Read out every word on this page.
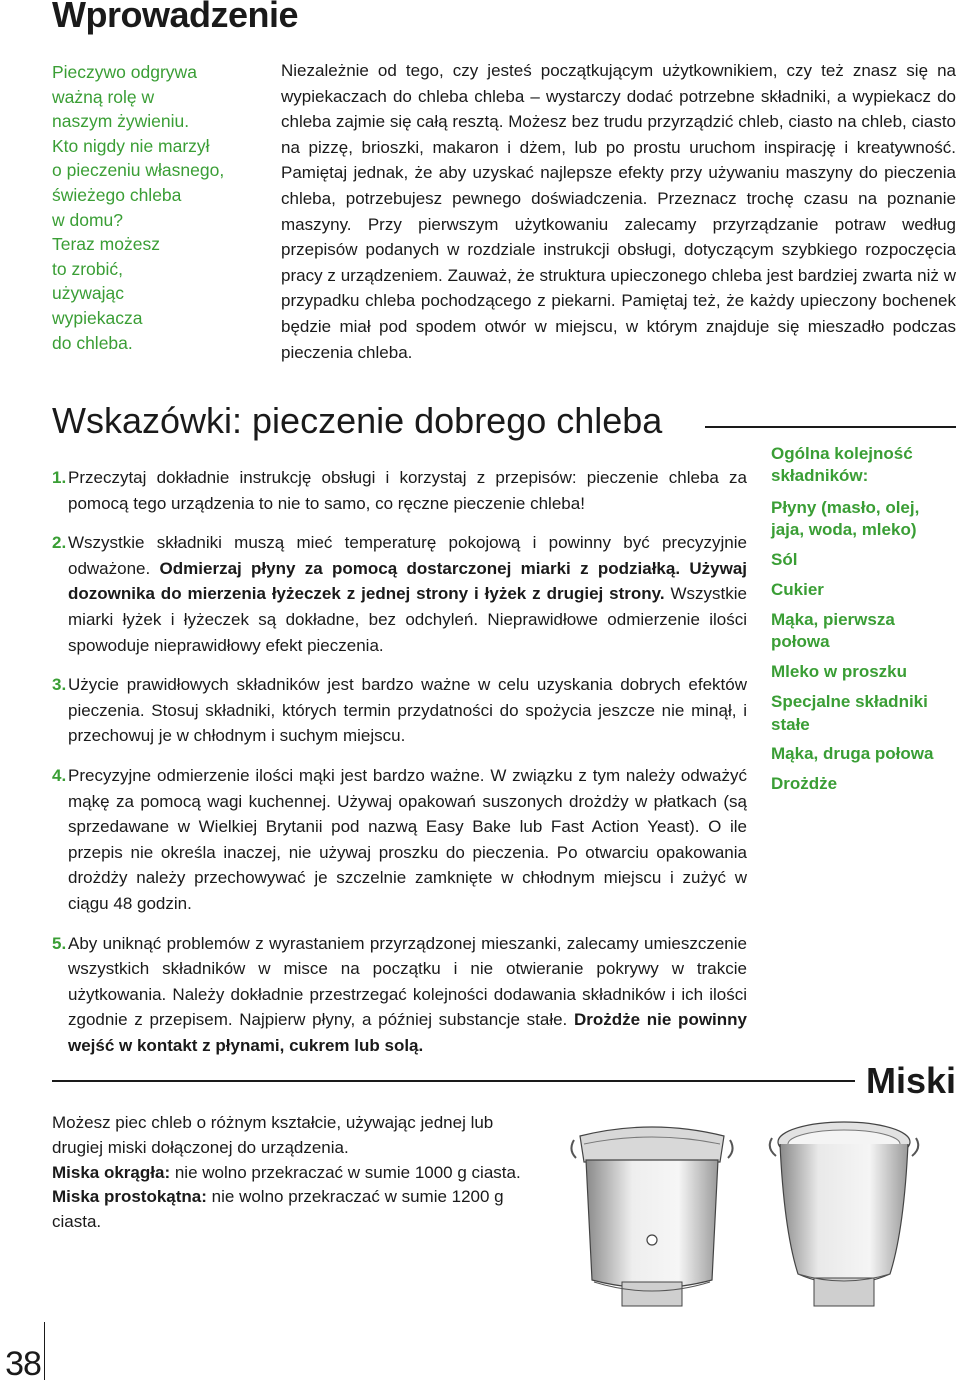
Wprowadzenie
Pieczywo odgrywa
ważną rolę w
naszym żywieniu.
Kto nigdy nie marzył
o pieczeniu własnego,
świeżego chleba
w domu?
Teraz możesz
to zrobić,
używając
wypiekacza
do chleba.
Niezależnie od tego, czy jesteś początkującym użytkownikiem, czy też znasz się na wypiekaczach do chleba chleba – wystarczy dodać potrzebne składniki, a wypiekacz do chleba zajmie się całą resztą. Możesz bez trudu przyrządzić chleb, ciasto na chleb, ciasto na pizzę, brioszki, makaron i dżem, lub po prostu uruchom inspirację i kreatywność. Pamiętaj jednak, że aby uzyskać najlepsze efekty przy używaniu maszyny do pieczenia chleba, potrzebujesz pewnego doświadczenia. Przeznacz trochę czasu na poznanie maszyny. Przy pierwszym użytkowaniu zalecamy przyrządzanie potraw według przepisów podanych w rozdziale instrukcji obsługi, dotyczącym szybkiego rozpoczęcia pracy z urządzeniem. Zauważ, że struktura upieczonego chleba jest bardziej zwarta niż w przypadku chleba pochodzącego z piekarni. Pamiętaj też, że każdy upieczony bochenek będzie miał pod spodem otwór w miejscu, w którym znajduje się mieszadło podczas pieczenia chleba.
Wskazówki: pieczenie dobrego chleba
1. Przeczytaj dokładnie instrukcję obsługi i korzystaj z przepisów: pieczenie chleba za pomocą tego urządzenia to nie to samo, co ręczne pieczenie chleba!
2. Wszystkie składniki muszą mieć temperaturę pokojową i powinny być precyzyjnie odważone. Odmierzaj płyny za pomocą dostarczonej miarki z podziałką. Używaj dozownika do mierzenia łyżeczek z jednej strony i łyżek z drugiej strony. Wszystkie miarki łyżek i łyżeczek są dokładne, bez odchyleń. Nieprawidłowe odmierzenie ilości spowoduje nieprawidłowy efekt pieczenia.
3. Użycie prawidłowych składników jest bardzo ważne w celu uzyskania dobrych efektów pieczenia. Stosuj składniki, których termin przydatności do spożycia jeszcze nie minął, i przechowuj je w chłodnym i suchym miejscu.
4. Precyzyjne odmierzenie ilości mąki jest bardzo ważne. W związku z tym należy odważyć mąkę za pomocą wagi kuchennej. Używaj opakowań suszonych drożdży w płatkach (są sprzedawane w Wielkiej Brytanii pod nazwą Easy Bake lub Fast Action Yeast). O ile przepis nie określa inaczej, nie używaj proszku do pieczenia. Po otwarciu opakowania drożdży należy przechowywać je szczelnie zamknięte w chłodnym miejscu i zużyć w ciągu 48 godzin.
5. Aby uniknąć problemów z wyrastaniem przyrządzonej mieszanki, zalecamy umieszczenie wszystkich składników w misce na początku i nie otwieranie pokrywy w trakcie użytkowania. Należy dokładnie przestrzegać kolejności dodawania składników i ich ilości zgodnie z przepisem. Najpierw płyny, a później substancje stałe. Drożdże nie powinny wejść w kontakt z płynami, cukrem lub solą.

Ogólna kolejność składników:

Płyny (masło, olej, jaja, woda, mleko)

Sól

Cukier

Mąka, pierwsza połowa

Mleko w proszku

Specjalne składniki stałe

Mąka, druga połowa

Drożdże

Miski

Możesz piec chleb o różnym kształcie, używając jednej lub drugiej miski dołączonej do urządzenia.

Miska okrągła: nie wolno przekraczać w sumie 1000 g ciasta.

Miska prostokątna: nie wolno przekraczać w sumie 1200 g ciasta.

38
